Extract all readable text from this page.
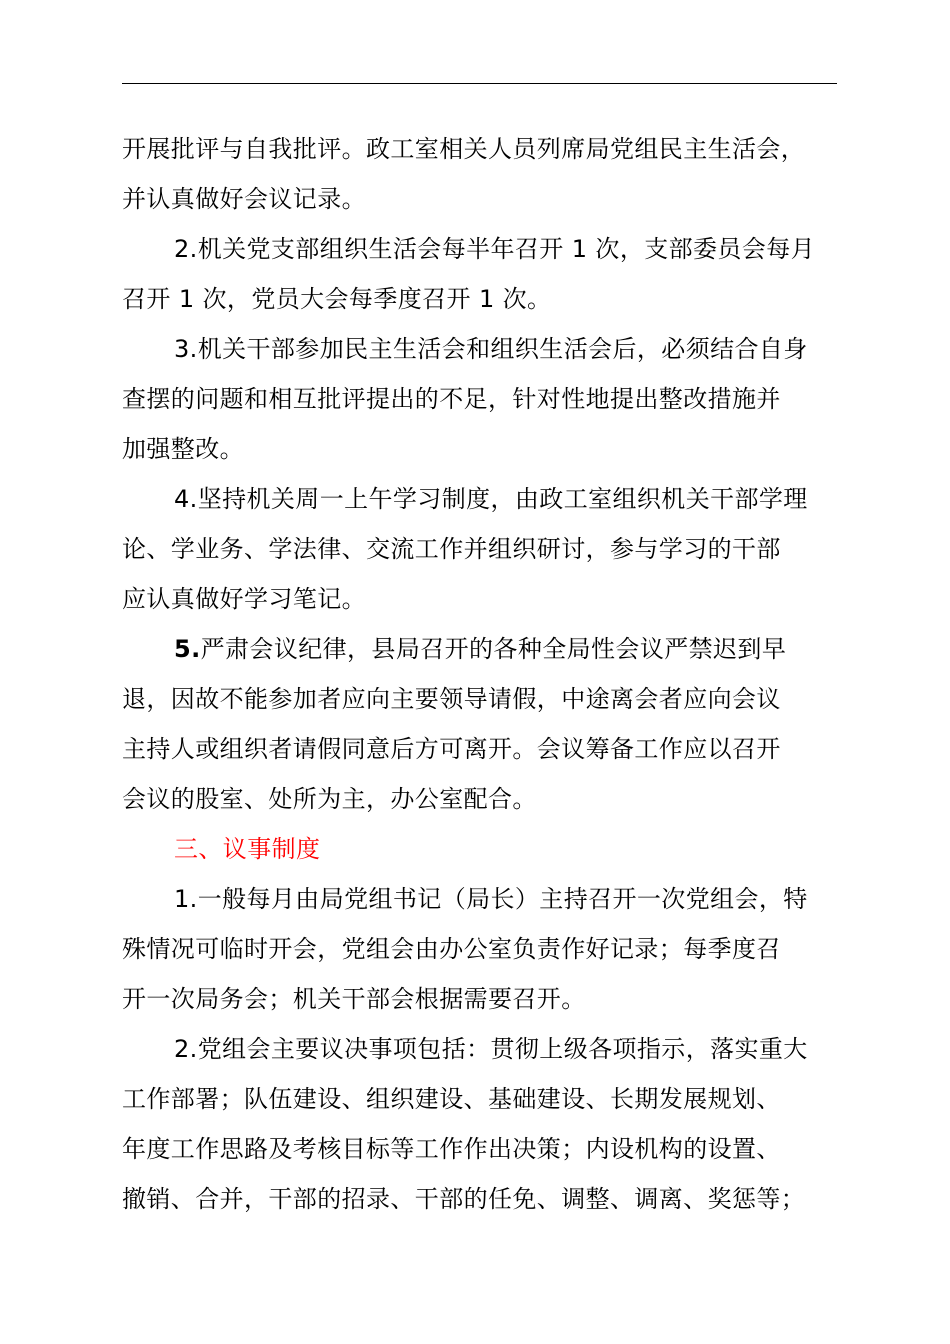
开展批评与自我批评。政工室相关人员列席局党组民主生活会，
并认真做好会议记录。
2.机关党支部组织生活会每半年召开 1 次，支部委员会每月
召开 1 次，党员大会每季度召开 1 次。
3.机关干部参加民主生活会和组织生活会后，必须结合自身
查摆的问题和相互批评提出的不足，针对性地提出整改措施并
加强整改。
4.坚持机关周一上午学习制度，由政工室组织机关干部学理
论、学业务、学法律、交流工作并组织研讨，参与学习的干部
应认真做好学习笔记。
5.严肃会议纪律，县局召开的各种全局性会议严禁迟到早
退，因故不能参加者应向主要领导请假，中途离会者应向会议
主持人或组织者请假同意后方可离开。会议筹备工作应以召开
会议的股室、处所为主，办公室配合。
三、议事制度
1.一般每月由局党组书记（局长）主持召开一次党组会，特
殊情况可临时开会，党组会由办公室负责作好记录；每季度召
开一次局务会；机关干部会根据需要召开。
2.党组会主要议决事项包括：贯彻上级各项指示，落实重大
工作部署；队伍建设、组织建设、基础建设、长期发展规划、
年度工作思路及考核目标等工作作出决策；内设机构的设置、
撤销、合并，干部的招录、干部的任免、调整、调离、奖惩等；
